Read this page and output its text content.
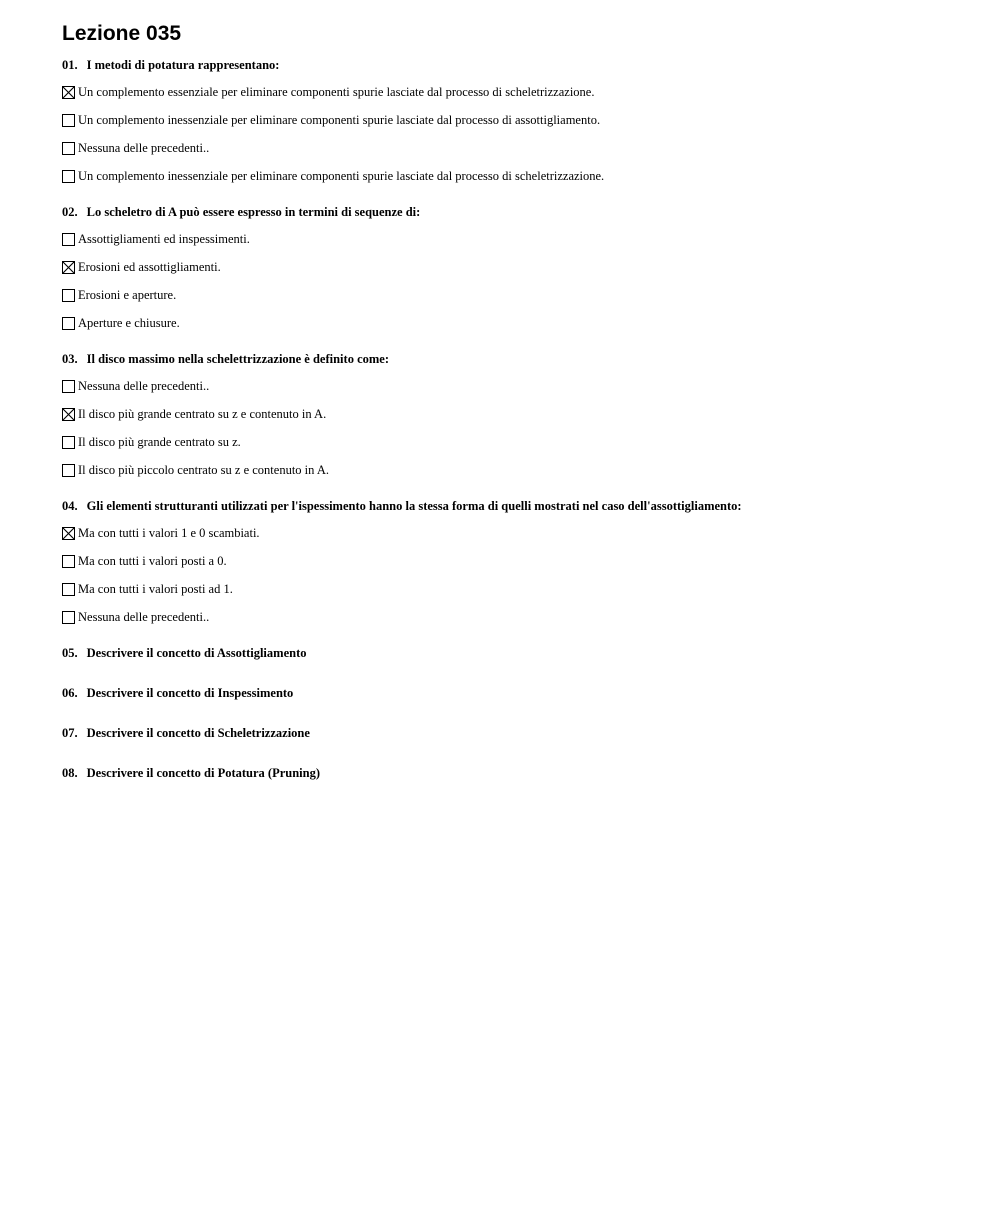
Lezione 035
01. I metodi di potatura rappresentano:
Un complemento essenziale per eliminare componenti spurie lasciate dal processo di scheletrizzazione.
Un complemento inessenziale per eliminare componenti spurie lasciate dal processo di assottigliamento.
Nessuna delle precedenti..
Un complemento inessenziale per eliminare componenti spurie lasciate dal processo di scheletrizzazione.
02. Lo scheletro di A può essere espresso in termini di sequenze di:
Assottigliamenti ed inspessimenti.
Erosioni ed assottigliamenti.
Erosioni e aperture.
Aperture e chiusure.
03. Il disco massimo nella schelettrizzazione è definito come:
Nessuna delle precedenti..
Il disco più grande centrato su z e contenuto in A.
Il disco più grande centrato su z.
Il disco più piccolo centrato su z e contenuto in A.
04. Gli elementi strutturanti utilizzati per l'ispessimento hanno la stessa forma di quelli mostrati nel caso dell'assottigliamento:
Ma con tutti i valori 1 e 0 scambiati.
Ma con tutti i valori posti a 0.
Ma con tutti i valori posti ad 1.
Nessuna delle precedenti..
05. Descrivere il concetto di Assottigliamento
06. Descrivere il concetto di Inspessimento
07. Descrivere il concetto di Scheletrizzazione
08. Descrivere il concetto di Potatura (Pruning)
